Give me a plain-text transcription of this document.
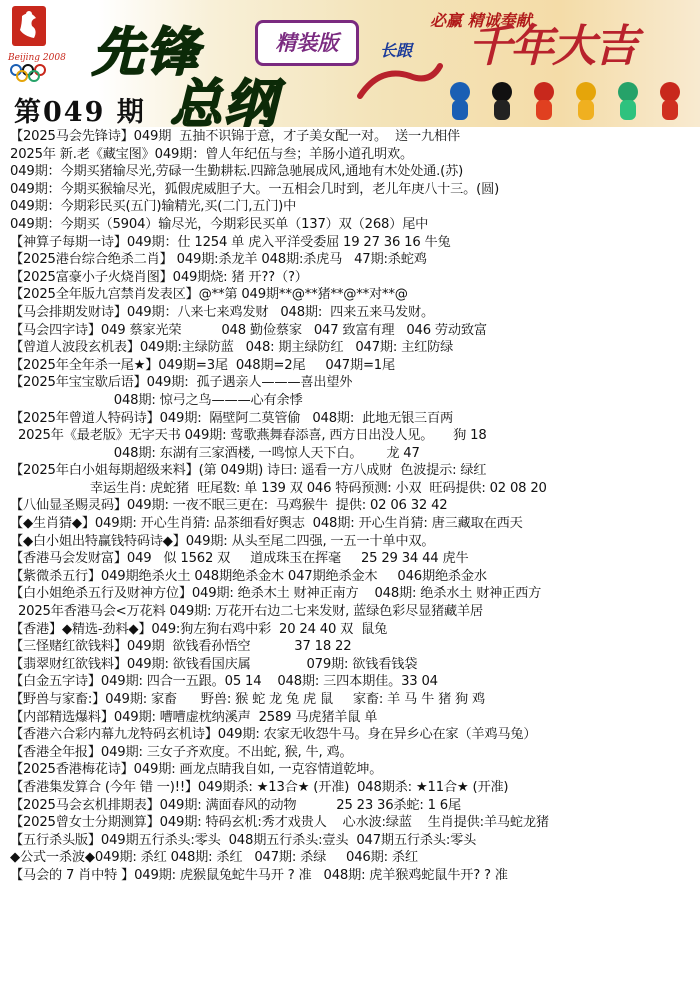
Beijing 2008
第049 期
先锋
总纲
精装版
必赢 精诚奉献
长跟 千年大吉
【2025马会先锋诗】049期  五抽不识锦于意，才子美女配一对。  送一九相伴
2025年 新.老《藏宝图》049期：曾人年纪伍与叁；羊肠小道孔明欢。
049期：今期买猪输尽光,劳碌一生勤耕耘.四蹄急驰展成风,通地有木处处通.(苏)
049期：今期买猴输尽光，狐假虎威胆子大。一五相会几时到，老儿年庚八十三。(圆)
049期：今期彩民买(五门)输精光,买(二门,五门)中
049期：今期买（5904）输尽光，今期彩民买单（137）双（268）尾中
【神算子每期一诗】049期：仕 1254 单 虎入平洋受委屈 19 27 36 16 牛兔
【2025港台综合绝杀二肖】 049期:杀龙羊 048期:杀虎马   47期:杀蛇鸡
【2025富豪小子火烧肖图】049期烧: 猪 开??（?）
【2025全年版九宫禁肖发表区】@**第 049期**@**猪**@**对**@
【马会排期发财诗】049期：八来七来鸡发财   048期:  四来五来马发财。
【马会四字诗】049 蔡家光荣          048 勤俭蔡家   047 致富有理   046 劳动致富
【曾道人波段玄机表】049期:主绿防蓝   048: 期主绿防红   047期: 主红防绿
【2025年全年杀一尾★】049期=3尾  048期=2尾     047期=1尾
【2025年宝宝歇后语】049期:  孤子遇亲人———喜出望外
048期: 惊弓之鸟———心有余悸
【2025年曾道人特码诗】049期:  隔壁阿二莫管偷   048期:  此地无银三百两
2025年《最老版》无字天书 049期: 莺歌燕舞春添喜, 西方日出没人见。     狗 18
048期: 东湖有三家酒楼, 一鸣惊人天下白。      龙 47
【2025年白小姐每期超级来料】(第 049期) 诗曰: 遥看一方八成财  色波提示: 绿红
幸运生肖: 虎蛇猪  旺尾数: 单 139 双 046 特码预测: 小双  旺码提供: 02 08 20
【八仙显圣赐灵码】049期: 一夜不眠三更在:  马鸡猴牛  提供: 02 06 32 42
【◆生肖猜◆】049期: 开心生肖猜: 品茶细看好舆志  048期: 开心生肖猜: 唐三藏取在西天
【◆白小姐出特赢钱特码诗◆】049期: 从头至尾二四强, 一五一十单中双。
【香港马会发财富】049   似 1562 双     道成珠玉在挥毫     25 29 34 44 虎牛
【紫微杀五行】049期绝杀火土 048期绝杀金木 047期绝杀金木     046期绝杀金水
【白小姐绝杀五行及财神方位】049期: 绝杀木土 财神正南方    048期: 绝杀水土 财神正西方
2025年香港马会<万花料 049期: 万花开右边二七来发财, 蓝绿色彩尽显猪藏羊居
【香港】◆精选-劲料◆】049:狗左狗右鸡中彩  20 24 40 双  鼠兔
【三怪赌红欲钱料】049期  欲钱看孙悟空           37 18 22
【翡翠财红欲钱料】049期: 欲钱看国庆属              079期: 欲钱看钱袋
【白金五字诗】049期: 四合一五跟。05 14    048期: 三四本期佳。33 04
【野兽与家畜:】049期: 家畜      野兽: 猴 蛇 龙 兔 虎 鼠     家畜: 羊 马 牛 猪 狗 鸡
【内部精选爆料】049期: 嘈嘈虚枕纳溪声  2589 马虎猪羊鼠 单
【香港六合彩内幕九龙特码玄机诗】049期: 农家无收怨牛马。身在异乡心在家（羊鸡马兔）
【香港全年报】049期: 三女子齐欢度。不出蛇, 猴, 牛, 鸡。
【2025香港梅花诗】049期: 画龙点睛我自如, 一克容情道乾坤。
【香港集发算合 (今年 错 一)!!】049期杀: ★13合★ (开准)  048期杀: ★11合★ (开准)
【2025马会玄机排期表】049期: 满面春风的动物          25 23 36杀蛇: 1 6尾
【2025曾女士分期测算】049期: 特码玄机:秀才戏贵人    心水波:绿蓝    生肖提供:羊马蛇龙猪
【五行杀头版】049期五行杀头:零头  048期五行杀头:壹头  047期五行杀头:零头
◆公式一杀波◆049期: 杀红 048期: 杀红   047期: 杀绿     046期: 杀红
【马会的 7 肖中特 】049期: 虎猴鼠兔蛇牛马开 ? 准   048期: 虎羊猴鸡蛇鼠牛开? ? 准
